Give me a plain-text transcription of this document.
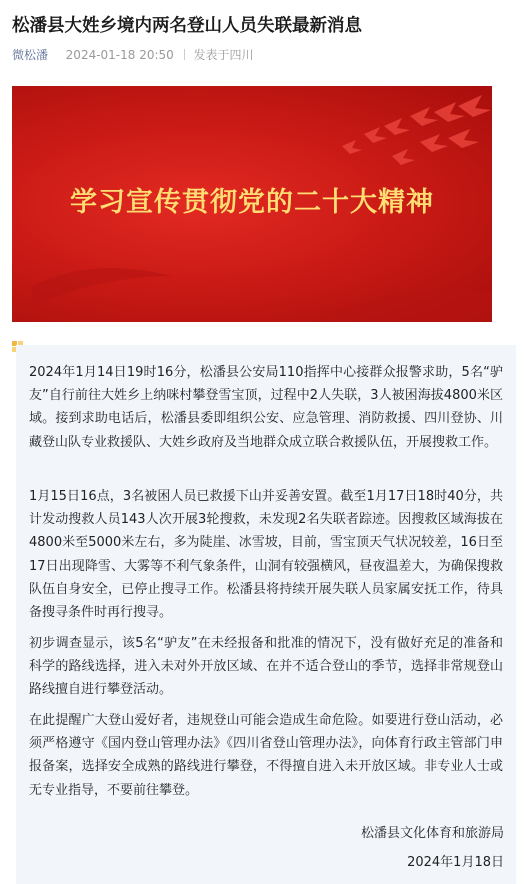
松潘县大姓乡境内两名登山人员失联最新消息
微松潘 2024-01-18 20:50 发表于四川
学习宣传贯彻党的二十大精神

2024年1月14日19时16分，松潘县公安局110指挥中心接群众报警求助，5名“驴友”自行前往大姓乡上纳咪村攀登雪宝顶，过程中2人失联，3人被困海拔4800米区域。接到求助电话后，松潘县委即组织公安、应急管理、消防救援、四川登协、川藏登山队专业救援队、大姓乡政府及当地群众成立联合救援队伍，开展搜救工作。

1月15日16点，3名被困人员已救援下山并妥善安置。截至1月17日18时40分，共计发动搜救人员143人次开展3轮搜救，未发现2名失联者踪迹。因搜救区域海拔在4800米至5000米左右，多为陡崖、冰雪坡，目前，雪宝顶天气状况较差，16日至17日出现降雪、大雾等不利气象条件，山洞有较强横风，昼夜温差大，为确保搜救队伍自身安全，已停止搜寻工作。松潘县将持续开展失联人员家属安抚工作，待具备搜寻条件时再行搜寻。

初步调查显示，该5名“驴友”在未经报备和批准的情况下，没有做好充足的准备和科学的路线选择，进入未对外开放区域、在并不适合登山的季节，选择非常规登山路线擅自进行攀登活动。

在此提醒广大登山爱好者，违规登山可能会造成生命危险。如要进行登山活动，必须严格遵守《国内登山管理办法》《四川省登山管理办法》，向体育行政主管部门申报备案，选择安全成熟的路线进行攀登，不得擅自进入未开放区域。非专业人士或无专业指导，不要前往攀登。

松潘县文化体育和旅游局
2024年1月18日
